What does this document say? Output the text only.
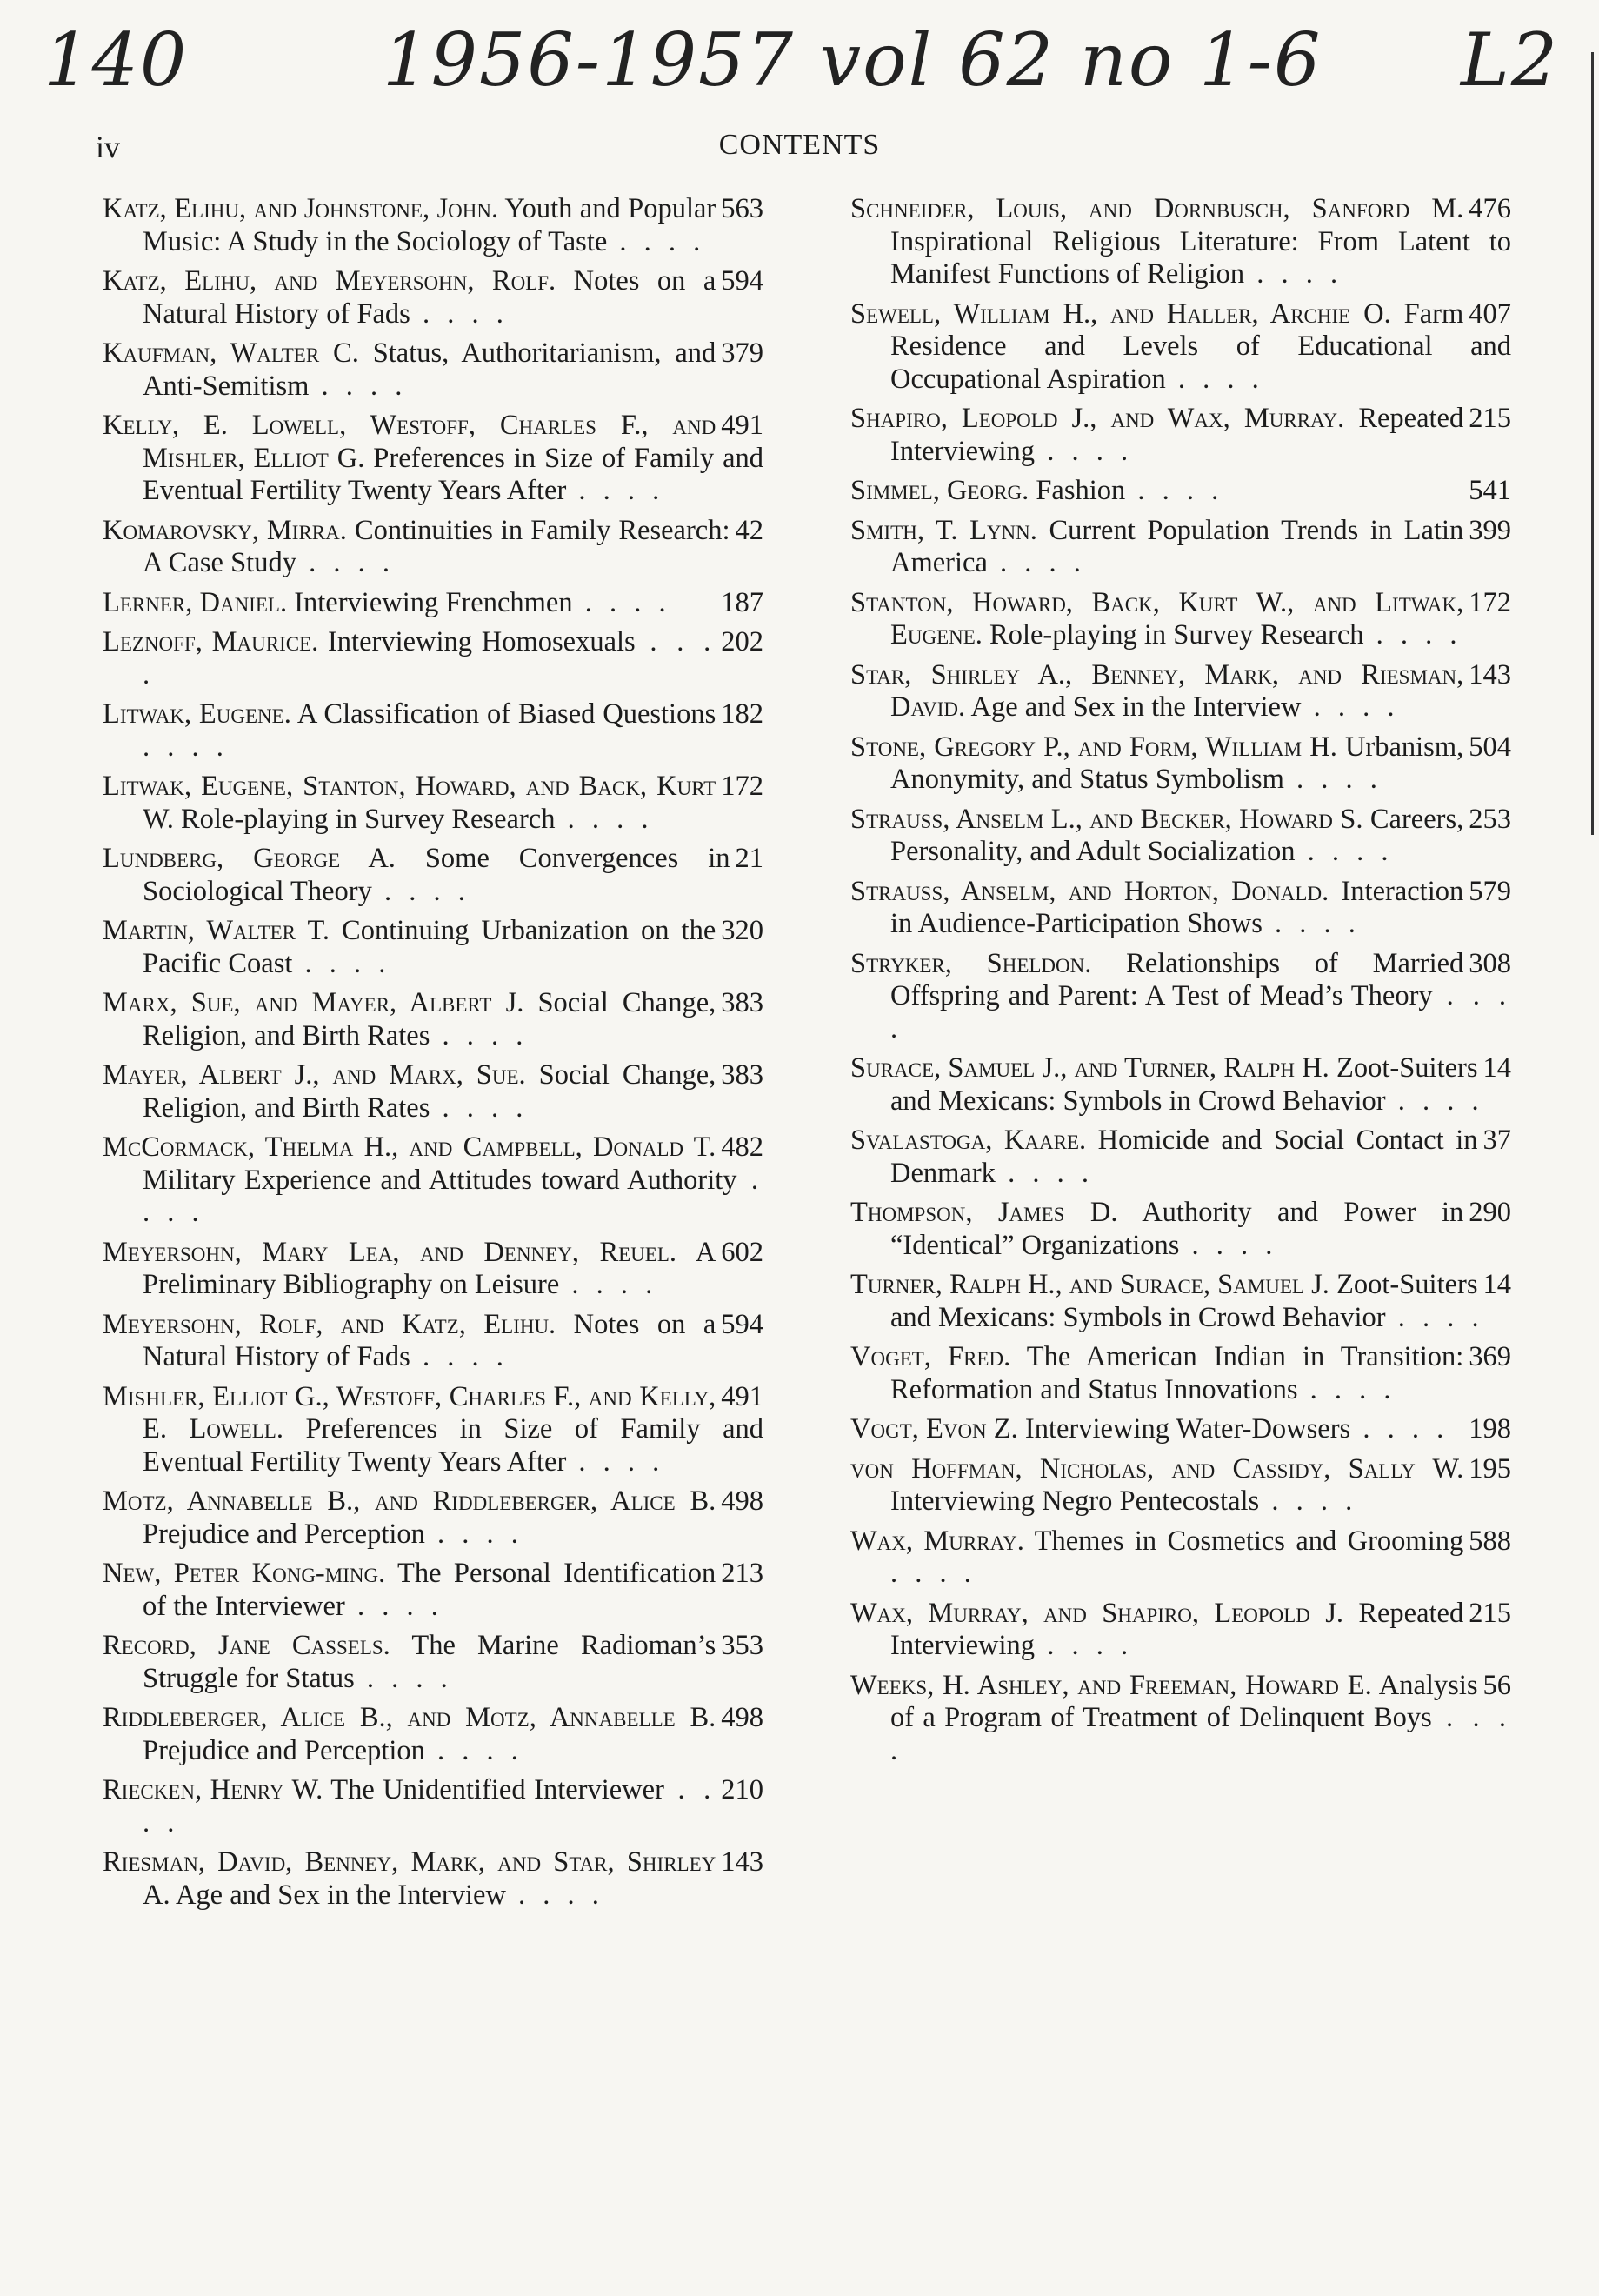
140	1956-1957 vol 62 no 1-6 L2
iv	CONTENTS
563
Katz, Elihu, and Johnstone, John. Youth and Popular Music: A Study in the Sociology of Taste . . . .
594
Katz, Elihu, and Meyersohn, Rolf. Notes on a Natural History of Fads . . . .
379
Kaufman, Walter C. Status, Authoritarianism, and Anti-Semitism . . . .
491
Kelly, E. Lowell, Westoff, Charles F., and Mishler, Elliot G. Preferences in Size of Family and Eventual Fertility Twenty Years After . . . .
42
Komarovsky, Mirra. Continuities in Family Research: A Case Study . . . .
187
Lerner, Daniel. Interviewing Frenchmen . . . .
202
Leznoff, Maurice. Interviewing Homosexuals . . . .
182
Litwak, Eugene. A Classification of Biased Questions . . . .
172
Litwak, Eugene, Stanton, Howard, and Back, Kurt W. Role-playing in Survey Research . . . .
21
Lundberg, George A. Some Convergences in Sociological Theory . . . .
320
Martin, Walter T. Continuing Urbanization on the Pacific Coast . . . .
383
Marx, Sue, and Mayer, Albert J. Social Change, Religion, and Birth Rates . . . .
383
Mayer, Albert J., and Marx, Sue. Social Change, Religion, and Birth Rates . . . .
482
McCormack, Thelma H., and Campbell, Donald T. Military Experience and Attitudes toward Authority . . . .
602
Meyersohn, Mary Lea, and Denney, Reuel. A Preliminary Bibliography on Leisure . . . .
594
Meyersohn, Rolf, and Katz, Elihu. Notes on a Natural History of Fads . . . .
491
Mishler, Elliot G., Westoff, Charles F., and Kelly, E. Lowell. Preferences in Size of Family and Eventual Fertility Twenty Years After . . . .
498
Motz, Annabelle B., and Riddleberger, Alice B. Prejudice and Perception . . . .
213
New, Peter Kong-ming. The Personal Identification of the Interviewer . . . .
353
Record, Jane Cassels. The Marine Radioman’s Struggle for Status . . . .
498
Riddleberger, Alice B., and Motz, Annabelle B. Prejudice and Perception . . . .
210
Riecken, Henry W. The Unidentified Interviewer . . . .
143
Riesman, David, Benney, Mark, and Star, Shirley A. Age and Sex in the Interview . . . .
476
Schneider, Louis, and Dornbusch, Sanford M. Inspirational Religious Literature: From Latent to Manifest Functions of Religion . . . .
407
Sewell, William H., and Haller, Archie O. Farm Residence and Levels of Educational and Occupational Aspiration . . . .
215
Shapiro, Leopold J., and Wax, Murray. Repeated Interviewing . . . .
541
Simmel, Georg. Fashion . . . .
399
Smith, T. Lynn. Current Population Trends in Latin America . . . .
172
Stanton, Howard, Back, Kurt W., and Litwak, Eugene. Role-playing in Survey Research . . . .
143
Star, Shirley A., Benney, Mark, and Riesman, David. Age and Sex in the Interview . . . .
504
Stone, Gregory P., and Form, William H. Urbanism, Anonymity, and Status Symbolism . . . .
253
Strauss, Anselm L., and Becker, Howard S. Careers, Personality, and Adult Socialization . . . .
579
Strauss, Anselm, and Horton, Donald. Interaction in Audience-Participation Shows . . . .
308
Stryker, Sheldon. Relationships of Married Offspring and Parent: A Test of Mead’s Theory . . . .
14
Surace, Samuel J., and Turner, Ralph H. Zoot-Suiters and Mexicans: Symbols in Crowd Behavior . . . .
37
Svalastoga, Kaare. Homicide and Social Contact in Denmark . . . .
290
Thompson, James D. Authority and Power in “Identical” Organizations . . . .
14
Turner, Ralph H., and Surace, Samuel J. Zoot-Suiters and Mexicans: Symbols in Crowd Behavior . . . .
369
Voget, Fred. The American Indian in Transition: Reformation and Status Innovations . . . .
198
Vogt, Evon Z. Interviewing Water-Dowsers . . . .
195
von Hoffman, Nicholas, and Cassidy, Sally W. Interviewing Negro Pentecostals . . . .
588
Wax, Murray. Themes in Cosmetics and Grooming . . . .
215
Wax, Murray, and Shapiro, Leopold J. Repeated Interviewing . . . .
56
Weeks, H. Ashley, and Freeman, Howard E. Analysis of a Program of Treatment of Delinquent Boys . . . .
